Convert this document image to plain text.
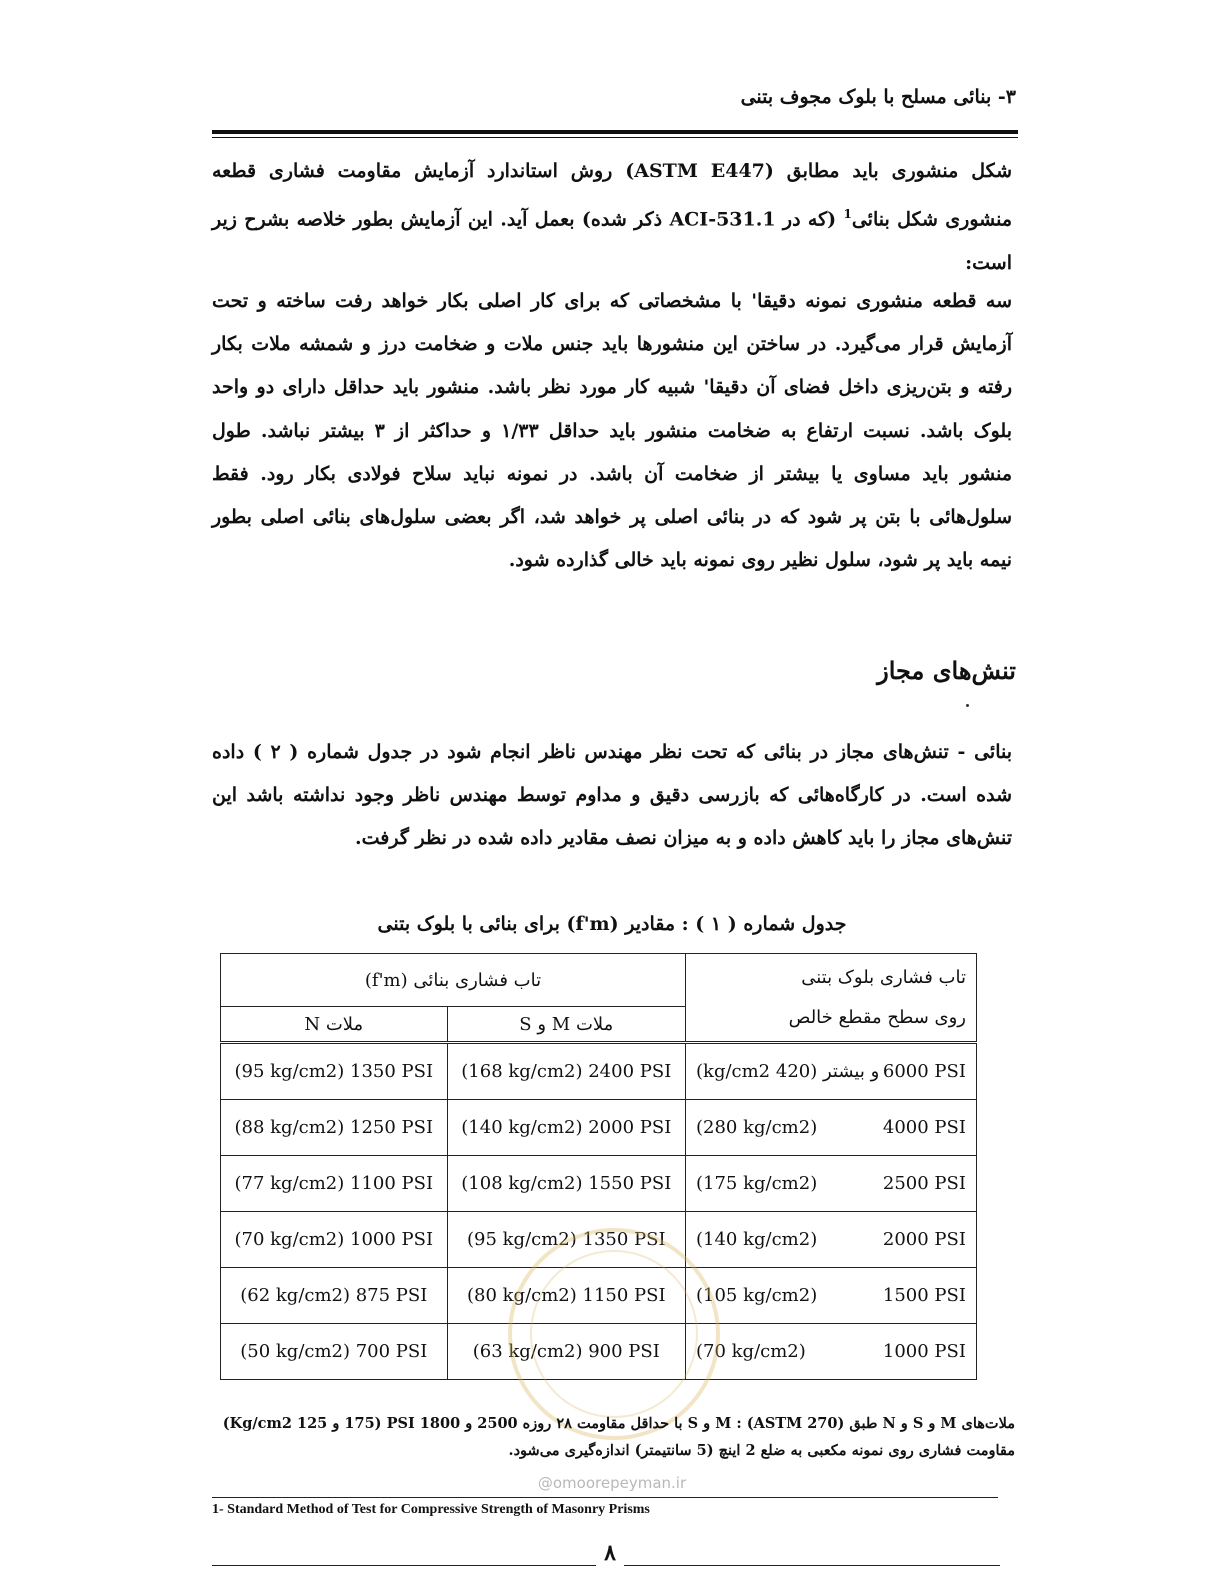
۳- بنائی مسلح با بلوک مجوف بتنی
شکل منشوری باید مطابق (ASTM E447) روش استاندارد آزمایش مقاومت فشاری قطعه منشوری شکل بنائی$^1$ (که در ACI-531.1 ذکر شده) بعمل آید. این آزمایش بطور خلاصه بشرح زیر است:
سه قطعه منشوری نمونه دقیقا' با مشخصاتی که برای کار اصلی بکار خواهد رفت ساخته و تحت آزمایش قرار می‌گیرد. در ساختن این منشورها باید جنس ملات و ضخامت درز و شمشه ملات بکار رفته و بتن‌ریزی داخل فضای آن دقیقا' شبیه کار مورد نظر باشد. منشور باید حداقل دارای دو واحد بلوک باشد. نسبت ارتفاع به ضخامت منشور باید حداقل ۱/۳۳ و حداکثر از ۳ بیشتر نباشد. طول منشور باید مساوی یا بیشتر از ضخامت آن باشد. در نمونه نباید سلاح فولادی بکار رود. فقط سلول‌هائی با بتن پر شود که در بنائی اصلی پر خواهد شد، اگر بعضی سلول‌های بنائی اصلی بطور نیمه باید پر شود، سلول نظیر روی نمونه باید خالی گذارده شود.
تنش‌های مجاز
بنائی - تنش‌های مجاز در بنائی که تحت نظر مهندس ناظر انجام شود در جدول شماره ( ۲ ) داده شده است. در کارگاه‌هائی که بازرسی دقیق و مداوم توسط مهندس ناظر وجود نداشته باشد این تنش‌های مجاز را باید کاهش داده و به میزان نصف مقادیر داده شده در نظر گرفت.
جدول شماره ( ۱ ) : مقادیر (f'm) برای بنائی با بلوک بتنی
تاب فشاری بلوک بتنی
روی سطح مقطع خالص	تاب فشاری بنائی (f'm)	
	ملات M و S	ملات N

و بیشتر (420 kg/cm2) 6000 PSI	(168 kg/cm2) 2400 PSI	(95 kg/cm2) 1350 PSI

(280 kg/cm2) 4000 PSI	(140 kg/cm2) 2000 PSI	(88 kg/cm2) 1250 PSI

(175 kg/cm2) 2500 PSI	(108 kg/cm2) 1550 PSI	(77 kg/cm2) 1100 PSI

(140 kg/cm2) 2000 PSI	(95 kg/cm2) 1350 PSI	(70 kg/cm2) 1000 PSI

(105 kg/cm2) 1500 PSI	(80 kg/cm2) 1150 PSI	(62 kg/cm2) 875 PSI

(70 kg/cm2) 1000 PSI	(63 kg/cm2) 900 PSI	(50 kg/cm2) 700 PSI
ملات‌های M و S و N طبق (ASTM 270) : M و S با حداقل مقاومت ۲۸ روزه 2500 و PSI 1800 (175 و 125 Kg/cm2) مقاومت فشاری روی نمونه مکعبی به ضلع 2 اینچ (5 سانتیمتر) اندازه‌گیری می‌شود.
@omoorepeyman.ir
1- Standard Method of Test for Compressive Strength of Masonry Prisms
۸
